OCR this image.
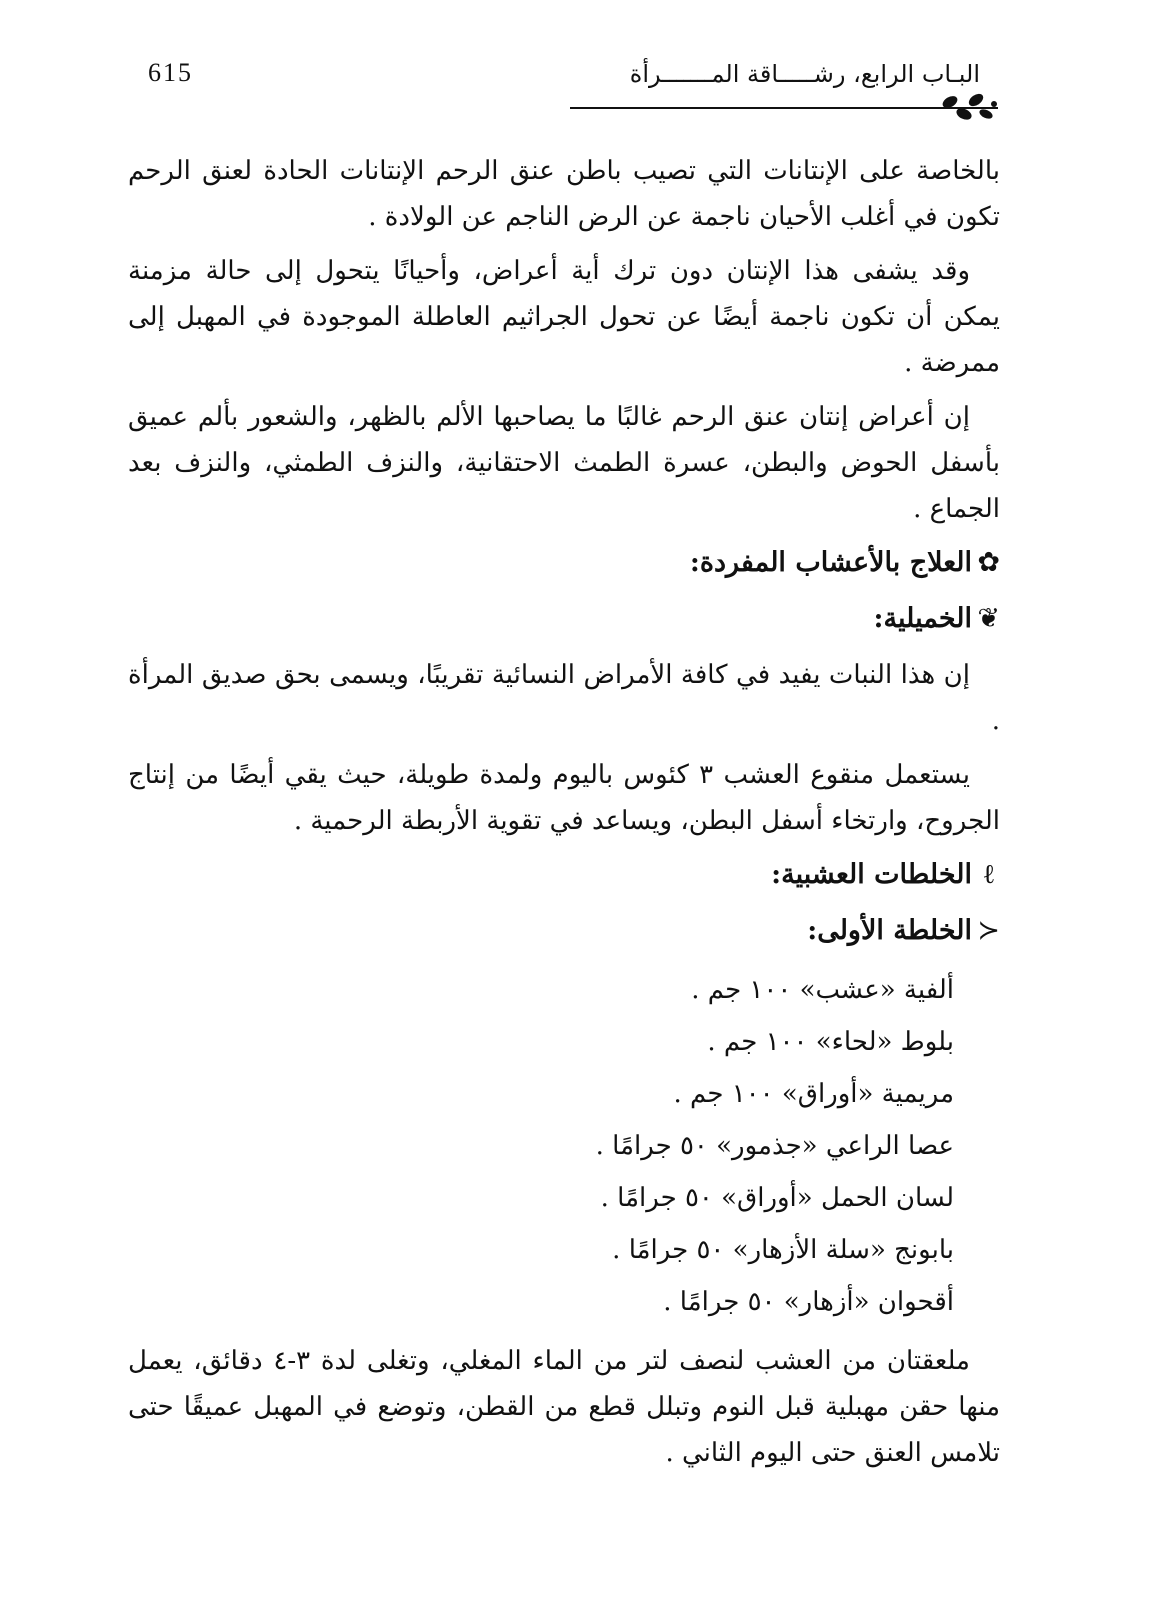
615	البـاب الرابع، رشـــــاقة المـــــــرأة

بالخاصة على الإنتانات التي تصيب باطن عنق الرحم الإنتانات الحادة لعنق الرحم تكون في أغلب الأحيان ناجمة عن الرض الناجم عن الولادة .

وقد يشفى هذا الإنتان دون ترك أية أعراض، وأحيانًا يتحول إلى حالة مزمنة يمكن أن تكون ناجمة أيضًا عن تحول الجراثيم العاطلة الموجودة في المهبل إلى ممرضة .

إن أعراض إنتان عنق الرحم غالبًا ما يصاحبها الألم بالظهر، والشعور بألم عميق بأسفل الحوض والبطن، عسرة الطمث الاحتقانية، والنزف الطمثي، والنزف بعد الجماع .

✿العلاج بالأعشاب المفردة:
❦الخميلية:

إن هذا النبات يفيد في كافة الأمراض النسائية تقريبًا، ويسمى بحق صديق المرأة .

يستعمل منقوع العشب ٣ كئوس باليوم ولمدة طويلة، حيث يقي أيضًا من إنتاج الجروح، وارتخاء أسفل البطن، ويساعد في تقوية الأربطة الرحمية .

ℓالخلطات العشبية:
≺الخلطة الأولى:
ألفية «عشب» ١٠٠ جم .
بلوط «لحاء» ١٠٠ جم .
مريمية «أوراق» ١٠٠ جم .
عصا الراعي «جذمور» ٥٠ جرامًا .
لسان الحمل «أوراق» ٥٠ جرامًا .
بابونج «سلة الأزهار» ٥٠ جرامًا .
أقحوان «أزهار» ٥٠ جرامًا .

ملعقتان من العشب لنصف لتر من الماء المغلي، وتغلى لدة ٣-٤ دقائق، يعمل منها حقن مهبلية قبل النوم وتبلل قطع من القطن، وتوضع في المهبل عميقًا حتى تلامس العنق حتى اليوم الثاني .
